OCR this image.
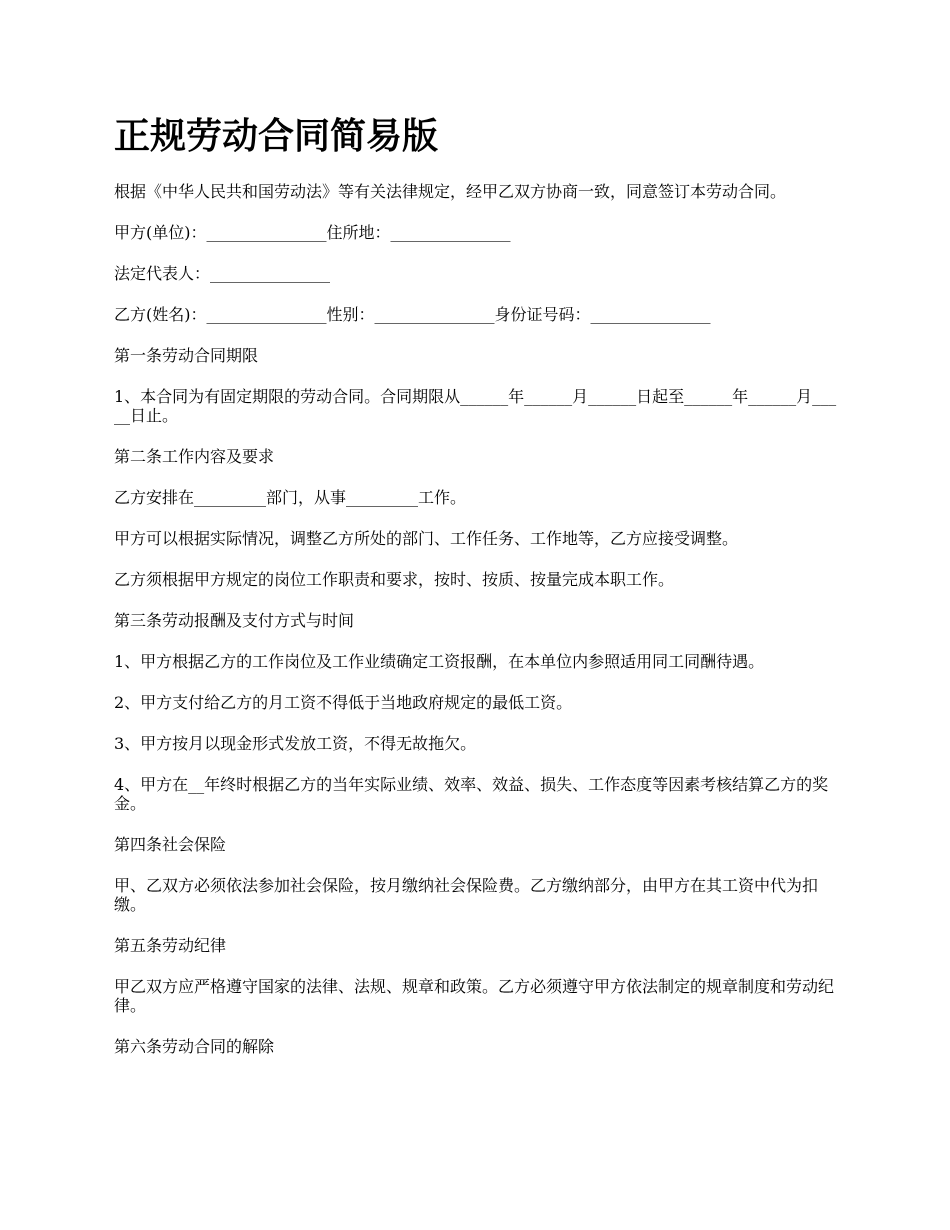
正规劳动合同简易版

根据《中华人民共和国劳动法》等有关法律规定，经甲乙双方协商一致，同意签订本劳动合同。

甲方(单位)：_______________住所地：_______________

法定代表人：_______________

乙方(姓名)：_______________性别：_______________身份证号码：_______________

第一条劳动合同期限

1、本合同为有固定期限的劳动合同。合同期限从______年______月______日起至______年______月_____日止。

第二条工作内容及要求

乙方安排在_________部门，从事_________工作。

甲方可以根据实际情况，调整乙方所处的部门、工作任务、工作地等，乙方应接受调整。

乙方须根据甲方规定的岗位工作职责和要求，按时、按质、按量完成本职工作。

第三条劳动报酬及支付方式与时间

1、甲方根据乙方的工作岗位及工作业绩确定工资报酬，在本单位内参照适用同工同酬待遇。

2、甲方支付给乙方的月工资不得低于当地政府规定的最低工资。

3、甲方按月以现金形式发放工资，不得无故拖欠。

4、甲方在__年终时根据乙方的当年实际业绩、效率、效益、损失、工作态度等因素考核结算乙方的奖金。

第四条社会保险

甲、乙双方必须依法参加社会保险，按月缴纳社会保险费。乙方缴纳部分，由甲方在其工资中代为扣缴。

第五条劳动纪律

甲乙双方应严格遵守国家的法律、法规、规章和政策。乙方必须遵守甲方依法制定的规章制度和劳动纪律。

第六条劳动合同的解除
